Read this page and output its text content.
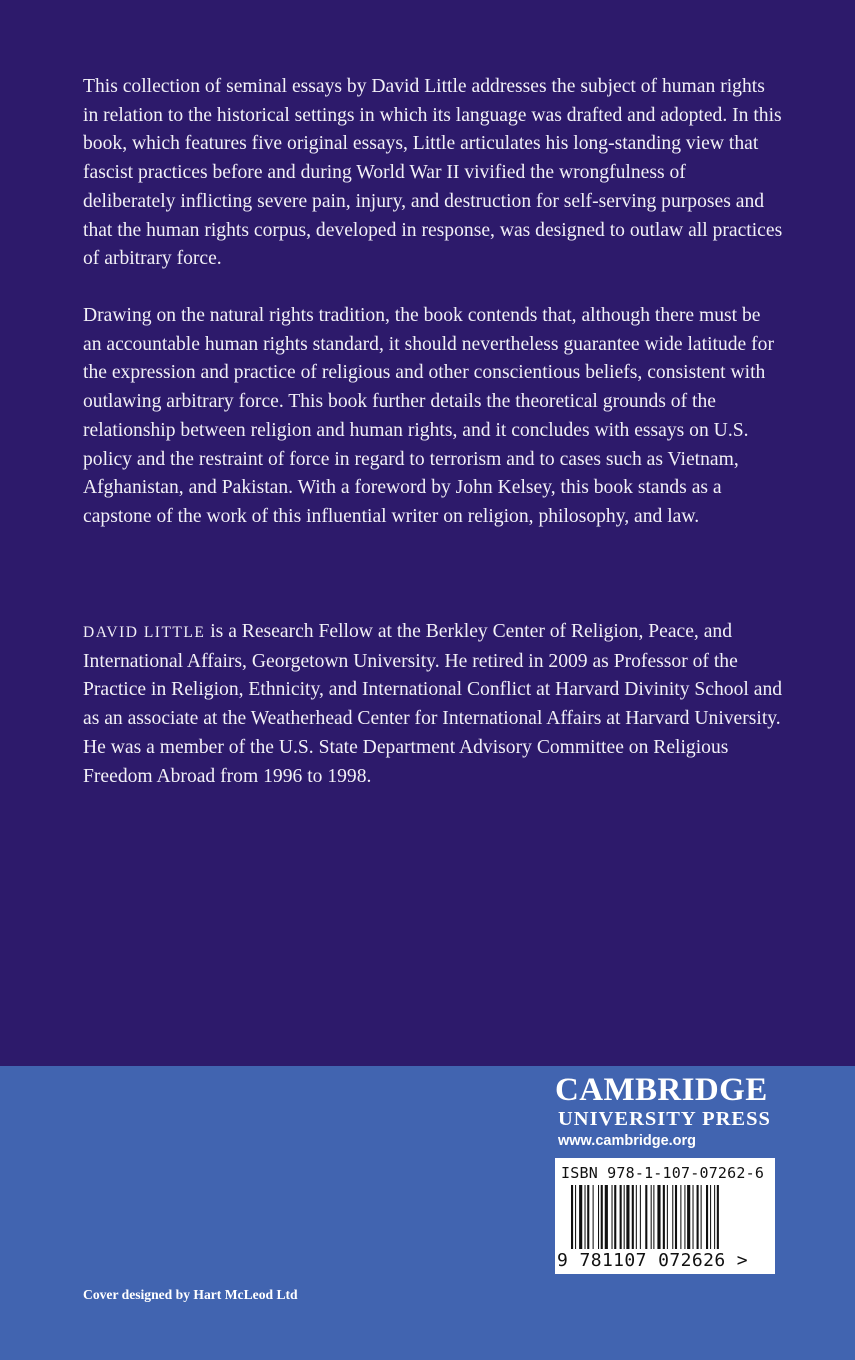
This collection of seminal essays by David Little addresses the subject of human rights in relation to the historical settings in which its language was drafted and adopted. In this book, which features five original essays, Little articulates his long-standing view that fascist practices before and during World War II vivified the wrongfulness of deliberately inflicting severe pain, injury, and destruction for self-serving purposes and that the human rights corpus, developed in response, was designed to outlaw all practices of arbitrary force.

Drawing on the natural rights tradition, the book contends that, although there must be an accountable human rights standard, it should nevertheless guarantee wide latitude for the expression and practice of religious and other conscientious beliefs, consistent with outlawing arbitrary force. This book further details the theoretical grounds of the relationship between religion and human rights, and it concludes with essays on U.S. policy and the restraint of force in regard to terrorism and to cases such as Vietnam, Afghanistan, and Pakistan. With a foreword by John Kelsey, this book stands as a capstone of the work of this influential writer on religion, philosophy, and law.

DAVID LITTLE is a Research Fellow at the Berkley Center of Religion, Peace, and International Affairs, Georgetown University. He retired in 2009 as Professor of the Practice in Religion, Ethnicity, and International Conflict at Harvard Divinity School and as an associate at the Weatherhead Center for International Affairs at Harvard University. He was a member of the U.S. State Department Advisory Committee on Religious Freedom Abroad from 1996 to 1998.

CAMBRIDGE
UNIVERSITY PRESS
www.cambridge.org
ISBN 978-1-107-07262-6
9 781107 072626 >
Cover designed by Hart McLeod Ltd
